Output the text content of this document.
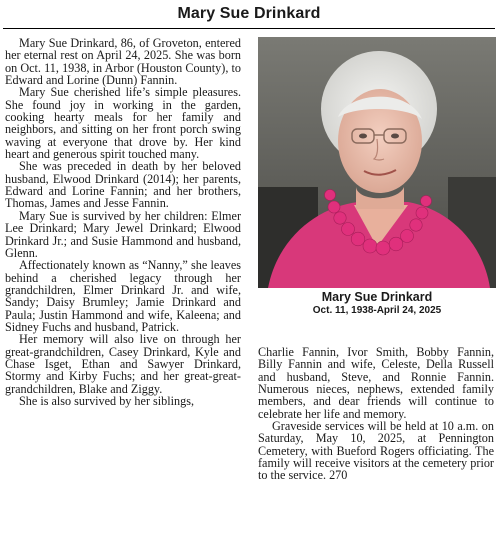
Mary Sue Drinkard

Mary Sue Drinkard, 86, of Groveton, entered her eternal rest on April 24, 2025. She was born on Oct. 11, 1938, in Arbor (Houston County), to Edward and Lorine (Dunn) Fannin.

Mary Sue cherished life’s simple pleasures. She found joy in working in the garden, cooking hearty meals for her family and neighbors, and sitting on her front porch swing waving at everyone that drove by. Her kind heart and generous spirit touched many.

She was preceded in death by her beloved husband, Elwood Drinkard (2014); her parents, Edward and Lorine Fannin; and her brothers, Thomas, James and Jesse Fannin.

Mary Sue is survived by her children: Elmer Lee Drinkard; Mary Jewel Drinkard; Elwood Drinkard Jr.; and Susie Hammond and husband, Glenn.

Affectionately known as “Nanny,” she leaves behind a cherished legacy through her grandchildren, Elmer Drinkard Jr. and wife, Sandy; Daisy Brumley; Jamie Drinkard and Paula; Justin Hammond and wife, Kaleena; and Sidney Fuchs and husband, Patrick.

Her memory will also live on through her great-grandchildren, Casey Drinkard, Kyle and Chase Isget, Ethan and Sawyer Drinkard, Stormy and Kirby Fuchs; and her great-great-grandchildren, Blake and Ziggy.

She is also survived by her siblings,

Mary Sue Drinkard
Oct. 11, 1938-April 24, 2025

Charlie Fannin, Ivor Smith, Bobby Fannin, Billy Fannin and wife, Celeste, Della Russell and husband, Steve, and Ronnie Fannin. Numerous nieces, nephews, extended family members, and dear friends will continue to celebrate her life and memory.

Graveside services will be held at 10 a.m. on Saturday, May 10, 2025, at Pennington Cemetery, with Bueford Rogers officiating. The family will receive visitors at the cemetery prior to the service. 270
